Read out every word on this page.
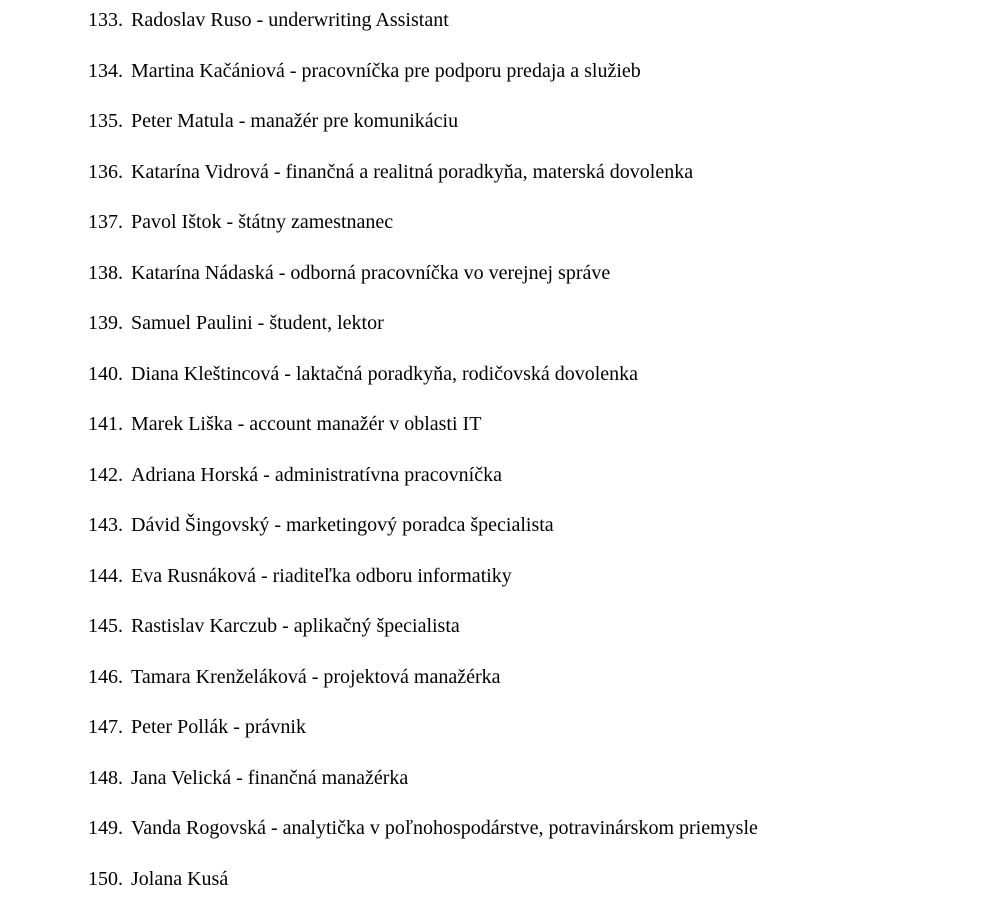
133. Radoslav Ruso - underwriting Assistant

134. Martina Kačániová - pracovníčka pre podporu predaja a služieb

135. Peter Matula - manažér pre komunikáciu

136. Katarína Vidrová - finančná a realitná poradkyňa, materská dovolenka

137. Pavol Ištok - štátny zamestnanec

138. Katarína Nádaská - odborná pracovníčka vo verejnej správe

139. Samuel Paulini - študent, lektor

140. Diana Kleštincová - laktačná poradkyňa, rodičovská dovolenka

141. Marek Liška - account manažér v oblasti IT

142. Adriana Horská - administratívna pracovníčka

143. Dávid Šingovský - marketingový poradca špecialista

144. Eva Rusnáková - riaditeľka odboru informatiky

145. Rastislav Karczub - aplikačný špecialista

146. Tamara Krenželáková - projektová manažérka

147. Peter Pollák - právnik

148. Jana Velická - finančná manažérka

149. Vanda Rogovská - analytička v poľnohospodárstve, potravinárskom priemysle

150. Jolana Kusá
